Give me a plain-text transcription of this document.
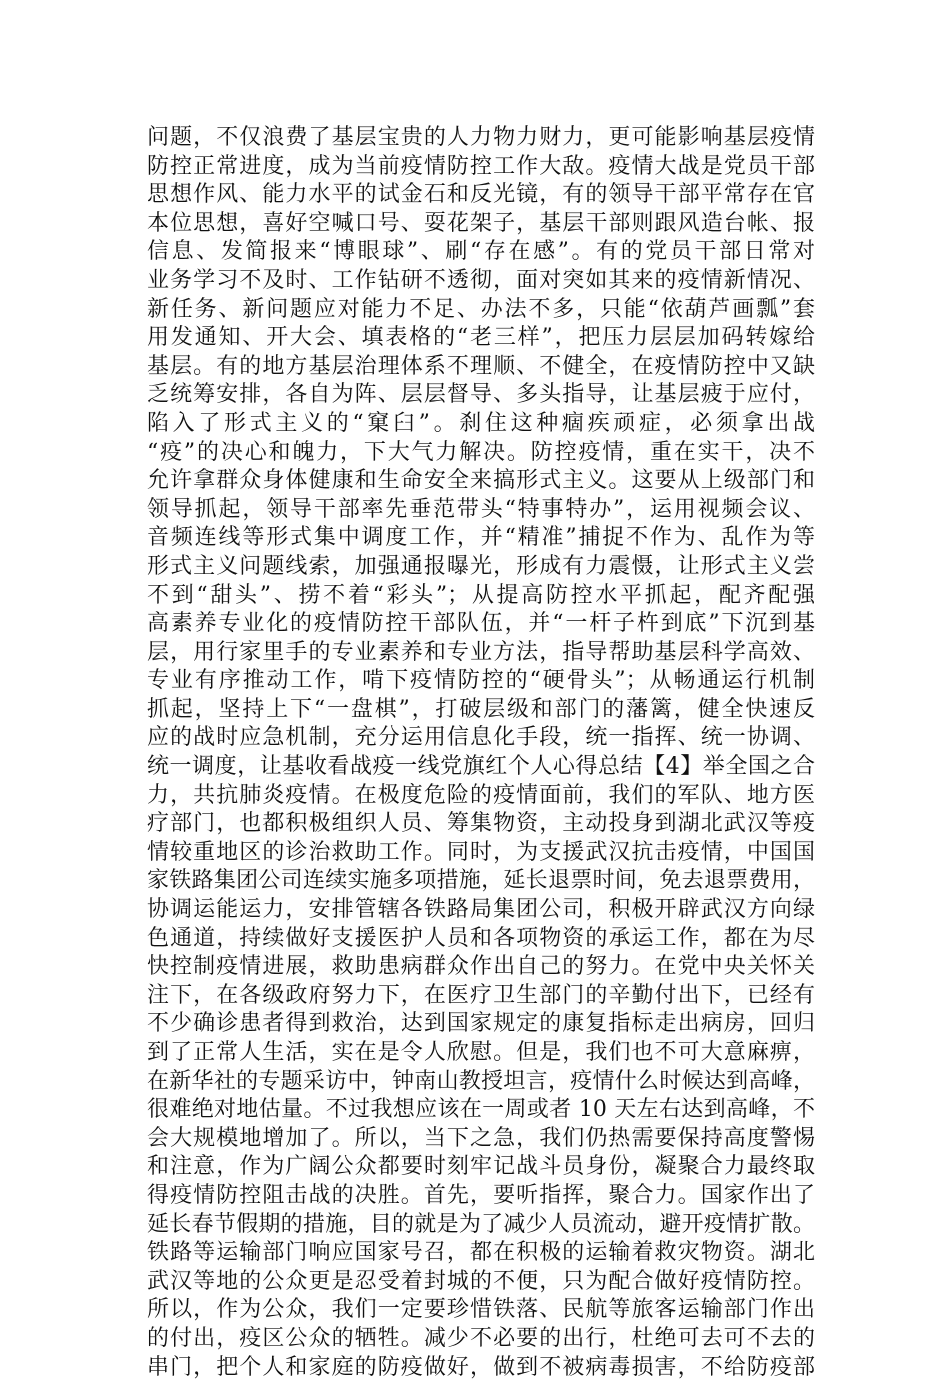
问题，不仅浪费了基层宝贵的人力物力财力，更可能影响基层疫情
防控正常进度，成为当前疫情防控工作大敌。疫情大战是党员干部
思想作风、能力水平的试金石和反光镜，有的领导干部平常存在官
本位思想，喜好空喊口号、耍花架子，基层干部则跟风造台帐、报
信息、发简报来“博眼球”、刷“存在感”。有的党员干部日常对
业务学习不及时、工作钻研不透彻，面对突如其来的疫情新情况、
新任务、新问题应对能力不足、办法不多，只能“依葫芦画瓢”套
用发通知、开大会、填表格的“老三样”，把压力层层加码转嫁给
基层。有的地方基层治理体系不理顺、不健全，在疫情防控中又缺
乏统筹安排，各自为阵、层层督导、多头指导，让基层疲于应付，
陷入了形式主义的“窠臼”。刹住这种痼疾顽症，必须拿出战
“疫”的决心和魄力，下大气力解决。防控疫情，重在实干，决不
允许拿群众身体健康和生命安全来搞形式主义。这要从上级部门和
领导抓起，领导干部率先垂范带头“特事特办”，运用视频会议、
音频连线等形式集中调度工作，并“精准”捕捉不作为、乱作为等
形式主义问题线索，加强通报曝光，形成有力震慑，让形式主义尝
不到“甜头”、捞不着“彩头”；从提高防控水平抓起，配齐配强
高素养专业化的疫情防控干部队伍，并“一杆子杵到底”下沉到基
层，用行家里手的专业素养和专业方法，指导帮助基层科学高效、
专业有序推动工作，啃下疫情防控的“硬骨头”；从畅通运行机制
抓起，坚持上下“一盘棋”，打破层级和部门的藩篱，健全快速反
应的战时应急机制，充分运用信息化手段，统一指挥、统一协调、
统一调度，让基收看战疫一线党旗红个人心得总结【4】举全国之合
力，共抗肺炎疫情。在极度危险的疫情面前，我们的军队、地方医
疗部门，也都积极组织人员、筹集物资，主动投身到湖北武汉等疫
情较重地区的诊治救助工作。同时，为支援武汉抗击疫情，中国国
家铁路集团公司连续实施多项措施，延长退票时间，免去退票费用，
协调运能运力，安排管辖各铁路局集团公司，积极开辟武汉方向绿
色通道，持续做好支援医护人员和各项物资的承运工作，都在为尽
快控制疫情进展，救助患病群众作出自己的努力。在党中央关怀关
注下，在各级政府努力下，在医疗卫生部门的辛勤付出下，已经有
不少确诊患者得到救治，达到国家规定的康复指标走出病房，回归
到了正常人生活，实在是令人欣慰。但是，我们也不可大意麻痹，
在新华社的专题采访中，钟南山教授坦言，疫情什么时候达到高峰，
很难绝对地估量。不过我想应该在一周或者 10 天左右达到高峰，不
会大规模地增加了。所以，当下之急，我们仍热需要保持高度警惕
和注意，作为广阔公众都要时刻牢记战斗员身份，凝聚合力最终取
得疫情防控阻击战的决胜。首先，要听指挥，聚合力。国家作出了
延长春节假期的措施，目的就是为了减少人员流动，避开疫情扩散。
铁路等运输部门响应国家号召，都在积极的运输着救灾物资。湖北
武汉等地的公众更是忍受着封城的不便，只为配合做好疫情防控。
所以，作为公众，我们一定要珍惜铁落、民航等旅客运输部门作出
的付出，疫区公众的牺牲。减少不必要的出行，杜绝可去可不去的
串门，把个人和家庭的防疫做好，做到不被病毒损害，不给防疫部
